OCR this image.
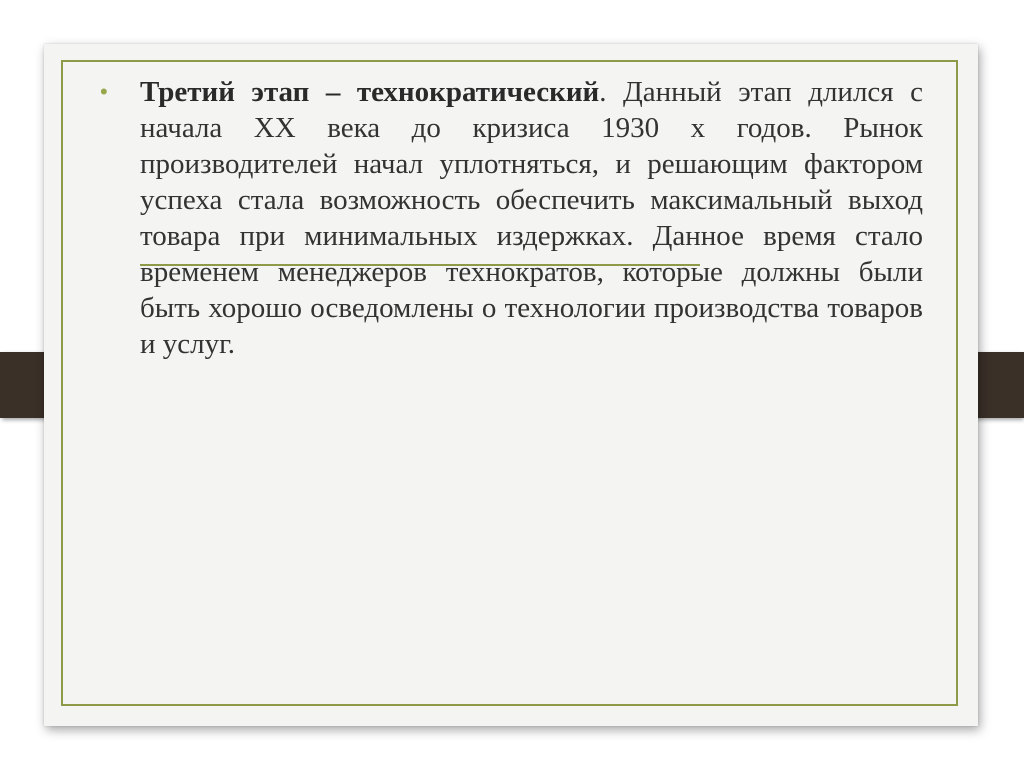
• Третий этап – технократический. Данный этап длился с начала XX века до кризиса 1930 х годов. Рынок производителей начал уплотняться, и решающим фактором успеха стала возможность обеспечить максимальный выход товара при минимальных издержках. Данное время стало временем менеджеров технократов, которые должны были быть хорошо осведомлены о технологии производства товаров и услуг.
